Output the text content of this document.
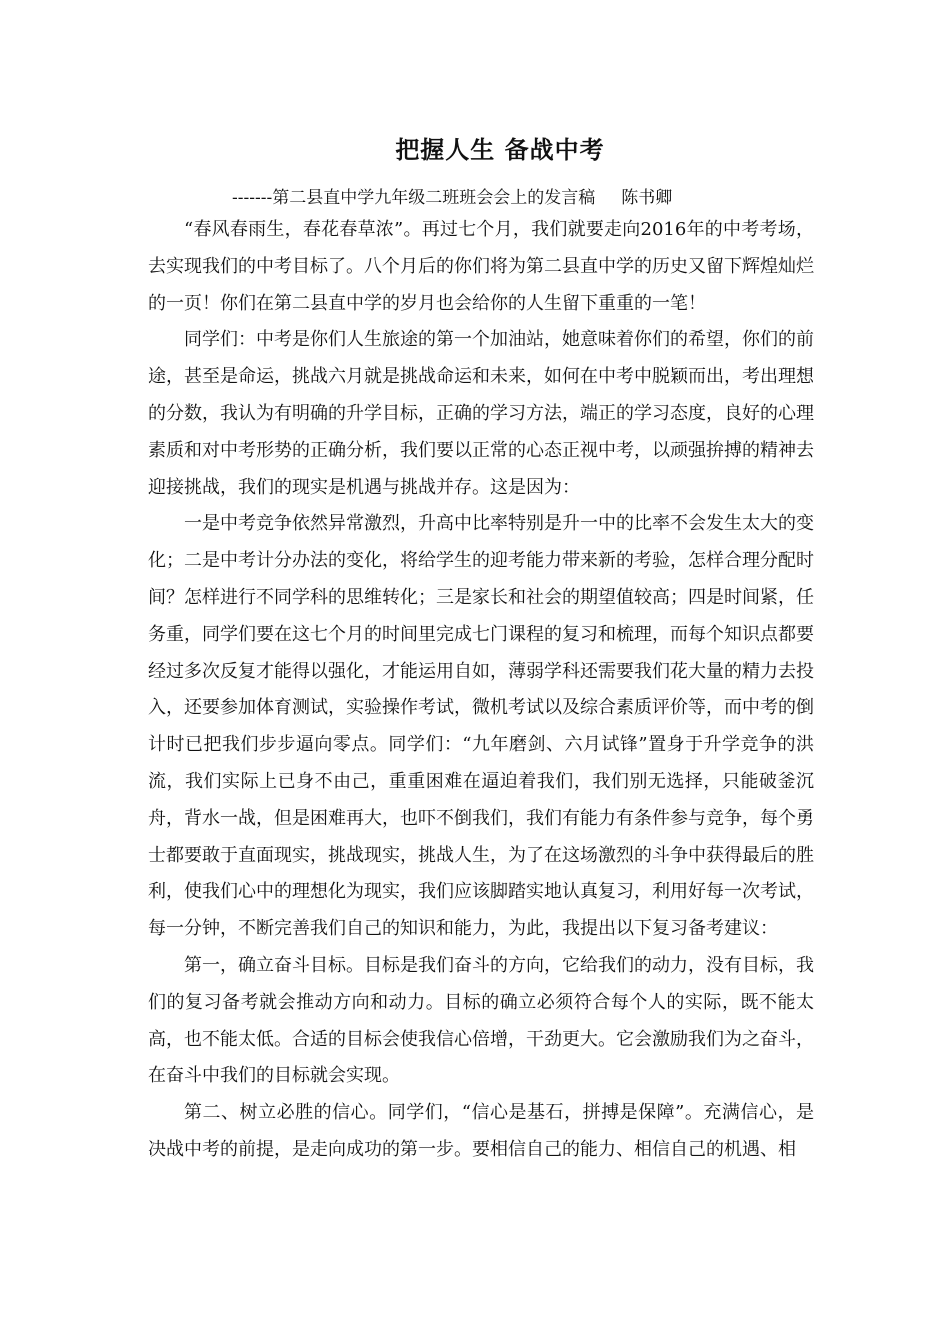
把握人生 备战中考
-------第二县直中学九年级二班班会会上的发言稿 陈书卿

“春风春雨生，春花春草浓”。再过七个月，我们就要走向2016年的中考考场，去实现我们的中考目标了。八个月后的你们将为第二县直中学的历史又留下辉煌灿烂的一页！你们在第二县直中学的岁月也会给你的人生留下重重的一笔！

同学们：中考是你们人生旅途的第一个加油站，她意味着你们的希望，你们的前途，甚至是命运，挑战六月就是挑战命运和未来，如何在中考中脱颖而出，考出理想的分数，我认为有明确的升学目标，正确的学习方法，端正的学习态度，良好的心理素质和对中考形势的正确分析，我们要以正常的心态正视中考，以顽强拚搏的精神去迎接挑战，我们的现实是机遇与挑战并存。这是因为：

一是中考竞争依然异常激烈，升高中比率特别是升一中的比率不会发生太大的变化；二是中考计分办法的变化，将给学生的迎考能力带来新的考验，怎样合理分配时间？怎样进行不同学科的思维转化；三是家长和社会的期望值较高；四是时间紧，任务重，同学们要在这七个月的时间里完成七门课程的复习和梳理，而每个知识点都要经过多次反复才能得以强化，才能运用自如，薄弱学科还需要我们花大量的精力去投入，还要参加体育测试，实验操作考试，微机考试以及综合素质评价等，而中考的倒计时已把我们步步逼向零点。同学们：“九年磨剑、六月试锋”置身于升学竞争的洪流，我们实际上已身不由己，重重困难在逼迫着我们，我们别无选择，只能破釜沉舟，背水一战，但是困难再大，也吓不倒我们，我们有能力有条件参与竞争，每个勇士都要敢于直面现实，挑战现实，挑战人生，为了在这场激烈的斗争中获得最后的胜利，使我们心中的理想化为现实，我们应该脚踏实地认真复习，利用好每一次考试，每一分钟，不断完善我们自己的知识和能力，为此，我提出以下复习备考建议：

第一，确立奋斗目标。目标是我们奋斗的方向，它给我们的动力，没有目标，我们的复习备考就会推动方向和动力。目标的确立必须符合每个人的实际，既不能太高，也不能太低。合适的目标会使我信心倍增，干劲更大。它会激励我们为之奋斗，在奋斗中我们的目标就会实现。

第二、树立必胜的信心。同学们，“信心是基石，拼搏是保障”。充满信心，是决战中考的前提，是走向成功的第一步。要相信自己的能力、相信自己的机遇、相
